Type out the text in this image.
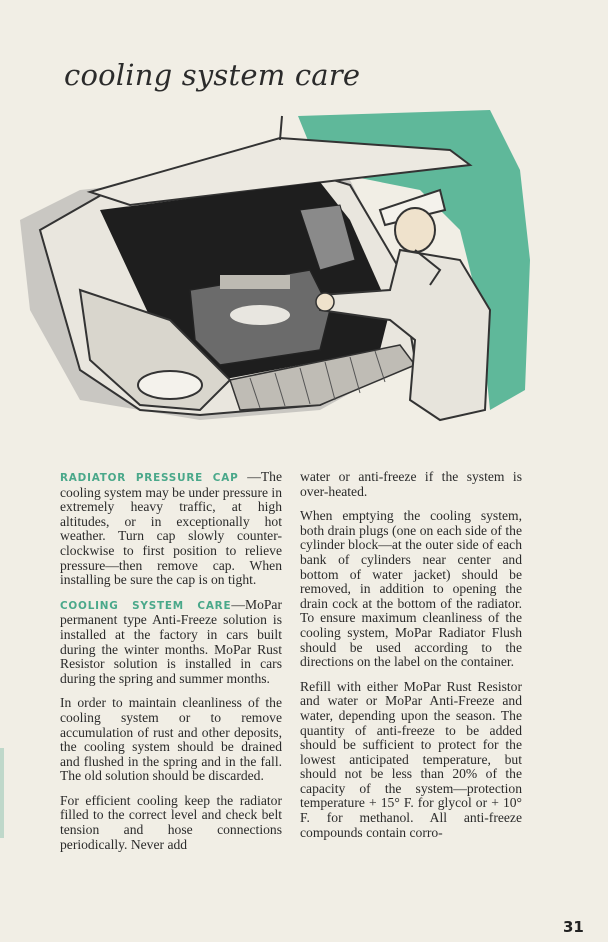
cooling system care

RADIATOR PRESSURE CAP —The cooling system may be under pressure in extremely heavy traffic, at high altitudes, or in exceptionally hot weather. Turn cap slowly counter-clockwise to first position to relieve pressure—then remove cap. When installing be sure the cap is on tight.

COOLING SYSTEM CARE—MoPar permanent type Anti-Freeze solution is installed at the factory in cars built during the winter months. MoPar Rust Resistor solution is installed in cars during the spring and summer months.

In order to maintain cleanliness of the cooling system or to remove accumulation of rust and other deposits, the cooling system should be drained and flushed in the spring and in the fall. The old solution should be discarded.

For efficient cooling keep the radiator filled to the correct level and check belt tension and hose connections periodically. Never add

water or anti-freeze if the system is over-heated.

When emptying the cooling system, both drain plugs (one on each side of the cylinder block—at the outer side of each bank of cylinders near center and bottom of water jacket) should be removed, in addition to opening the drain cock at the bottom of the radiator. To ensure maximum cleanliness of the cooling system, MoPar Radiator Flush should be used according to the directions on the label on the container.

Refill with either MoPar Rust Resistor and water or MoPar Anti-Freeze and water, depending upon the season. The quantity of anti-freeze to be added should be sufficient to protect for the lowest anticipated temperature, but should not be less than 20% of the capacity of the system—protection temperature + 15° F. for glycol or + 10° F. for methanol. All anti-freeze compounds contain corro-

31
